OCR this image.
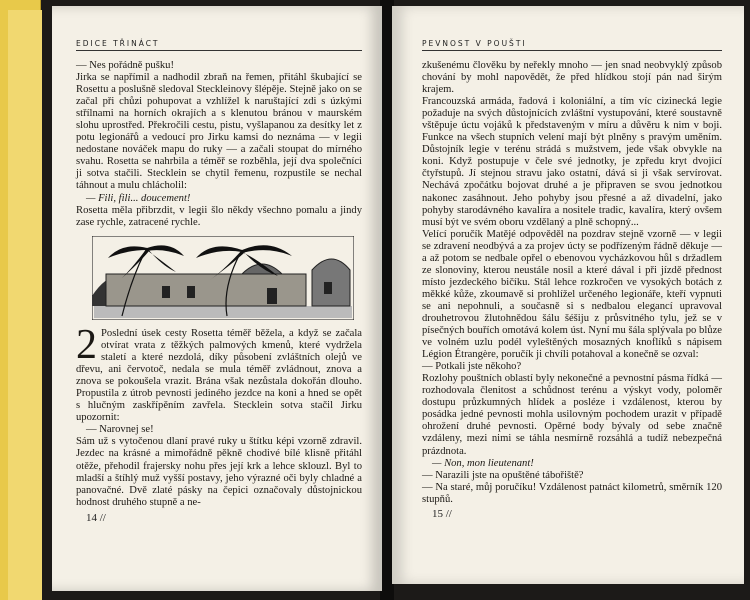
EDICE TŘINÁCT

— Nes pořádně pušku!

Jirka se napřímil a nadhodil zbraň na řemen, přitáhl škubající se Rosettu a poslušně sledoval Steckleinovy šlépěje. Stejně jako on se začal při chůzi pohupovat a vzhlížel k naruštající zdi s úzkými střílnami na horních okrajích a s klenutou bránou v maurském slohu uprostřed. Překročili cestu, pistu, vyšlapanou za desítky let z potu legionářů a vedoucí pro Jirku kamsi do neznáma — v legii nedostane nováček mapu do ruky — a začali stoupat do mírného svahu. Rosetta se nahrbila a téměř se rozběhla, její dva společníci ji sotva stačili. Stecklein se chytil řemenu, rozpustile se nechal táhnout a mulu chlácholil:

— Fili, fili... doucement!

Rosetta měla přibrzdit, v legii šlo někdy všechno pomalu a jindy zase rychle, zatracené rychle.

2 Poslední úsek cesty Rosetta téměř běžela, a když se začala otvírat vrata z těžkých palmových kmenů, které vydržela staletí a které nezdolá, díky působení zvláštních olejů ve dřevu, ani červotoč, nedala se mula téměř zvládnout, znova a znova se pokoušela vrazit. Brána však nezůstala dokořán dlouho. Propustila z útrob pevnosti jediného jezdce na koni a hned se opět s hlučným zaskřípěním zavřela. Stecklein sotva stačil Jirku upozornit:

— Narovnej se!

Sám už s vytočenou dlaní pravé ruky u štítku képi vzorně zdravil. Jezdec na krásné a mimořádně pěkně chodivé bílé klisně přitáhl otěže, přehodil frajersky nohu přes její krk a lehce sklouzl. Byl to mladší a štíhlý muž vyšší postavy, jeho výrazné oči byly chladné a panovačné. Dvě zlaté pásky na čepici označovaly důstojnickou hodnost druhého stupně a ne-

14 //
PEVNOST V POUŠTI

zkušenému člověku by neřekly mnoho — jen snad neobvyklý způsob chování by mohl napovědět, že před hlídkou stojí pán nad širým krajem.

Francouzská armáda, řadová i koloniální, a tím víc cizinecká legie požaduje na svých důstojnících zvláštní vystupování, které soustavně vštěpuje úctu vojáků k představeným v míru a důvěru k nim v boji. Funkce na všech stupních velení mají být plněny s pravým uměním. Důstojník legie v terénu strádá s mužstvem, jede však obvykle na koni. Když postupuje v čele své jednotky, je zpředu kryt dvojicí čtyřstupů. Jí stejnou stravu jako ostatní, dává si ji však servírovat. Nechává zpočátku bojovat druhé a je připraven se svou jednotkou nakonec zasáhnout. Jeho pohyby jsou přesné a až divadelní, jako pohyby starodávného kavalíra a nositele tradic, kavalíra, který ovšem musí být ve svém oboru vzdělaný a plně schopný...

Velící poručík Matějé odpověděl na pozdrav stejně vzorně — v legii se zdravení neodbývá a za projev úcty se podřízeným řádně děkuje — a až potom se nedbale opřel o ebenovou vycházkovou hůl s držadlem ze slonoviny, kterou neustále nosil a které dával i při jízdě přednost místo jezdeckého bičíku. Stál lehce rozkročen ve vysokých botách z měkké kůže, zkoumavě si prohlížel určeného legionáře, kteří vypnuti se ani nepohnuli, a současně si s nedbalou elegancí upravoval drouhetrovou žlutohnědou šálu šéšiju z průsvitného tylu, jež se v písečných bouřích omotává kolem úst. Nyní mu šála splývala po blůze ve volném uzlu podél vyleštěných mosazných knoflíků s nápisem Légion Étrangère, poručík ji chvíli potahoval a konečně se ozval:

— Potkali jste někoho?

Rozlohy pouštních oblastí byly nekonečné a pevnostní pásma řídká — rozhodovala členitost a schůdnost terénu a výskyt vody, poloměr dostupu průzkumných hlídek a posléze i vzdálenost, kterou by posádka jedné pevnosti mohla usilovným pochodem urazit v případě ohrožení druhé pevnosti. Opěrné body bývaly od sebe značně vzdáleny, mezi nimi se táhla nesmírně rozsáhlá a tudíž nebezpečná prázdnota.

— Non, mon lieutenant!

— Narazili jste na opuštěné tábořiště?

— Na staré, můj poručíku! Vzdálenost patnáct kilometrů, směrník 120 stupňů.

15 //
